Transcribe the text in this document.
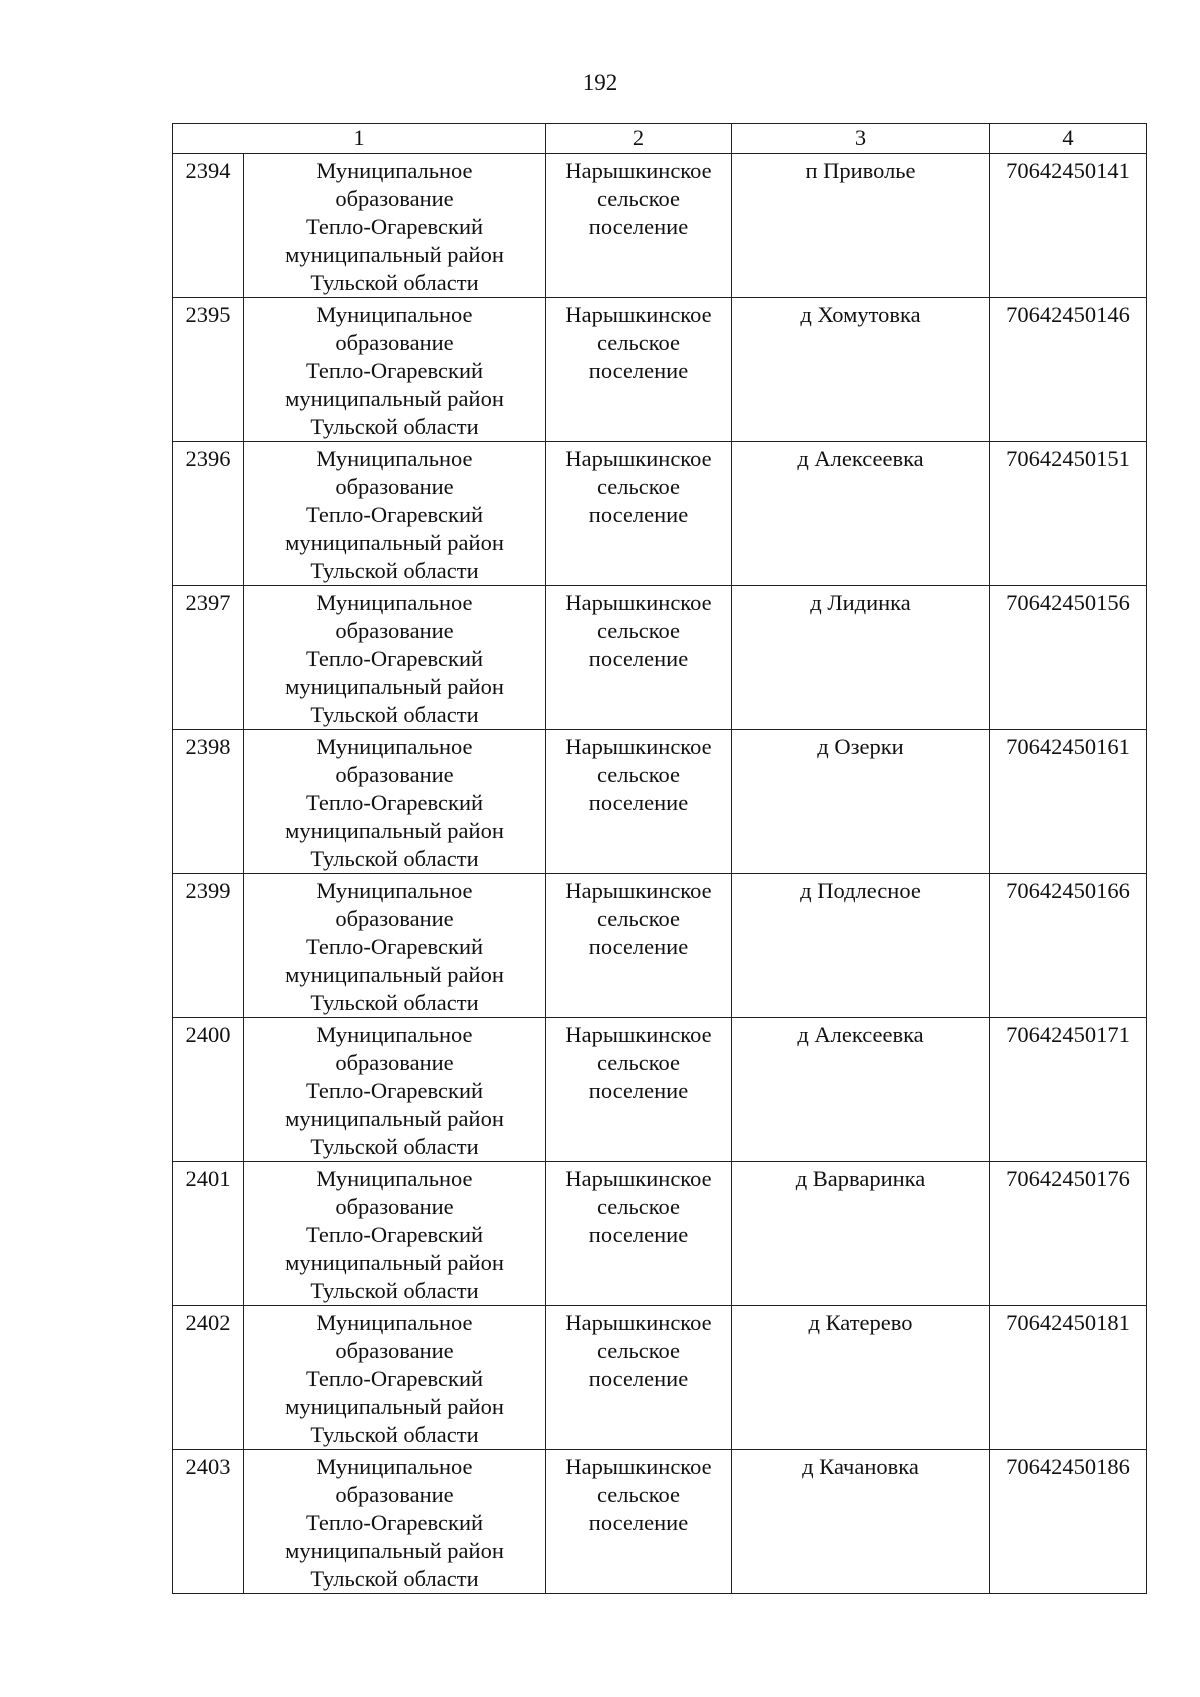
192
1		2	3	4
2394	Муниципальное
образование
Тепло-Огаревский
муниципальный район
Тульской области	Нарышкинское
сельское
поселение	п Приволье	70642450141
2395	Муниципальное
образование
Тепло-Огаревский
муниципальный район
Тульской области	Нарышкинское
сельское
поселение	д Хомутовка	70642450146
2396	Муниципальное
образование
Тепло-Огаревский
муниципальный район
Тульской области	Нарышкинское
сельское
поселение	д Алексеевка	70642450151
2397	Муниципальное
образование
Тепло-Огаревский
муниципальный район
Тульской области	Нарышкинское
сельское
поселение	д Лидинка	70642450156
2398	Муниципальное
образование
Тепло-Огаревский
муниципальный район
Тульской области	Нарышкинское
сельское
поселение	д Озерки	70642450161
2399	Муниципальное
образование
Тепло-Огаревский
муниципальный район
Тульской области	Нарышкинское
сельское
поселение	д Подлесное	70642450166
2400	Муниципальное
образование
Тепло-Огаревский
муниципальный район
Тульской области	Нарышкинское
сельское
поселение	д Алексеевка	70642450171
2401	Муниципальное
образование
Тепло-Огаревский
муниципальный район
Тульской области	Нарышкинское
сельское
поселение	д Варваринка	70642450176
2402	Муниципальное
образование
Тепло-Огаревский
муниципальный район
Тульской области	Нарышкинское
сельское
поселение	д Катерево	70642450181
2403	Муниципальное
образование
Тепло-Огаревский
муниципальный район
Тульской области	Нарышкинское
сельское
поселение	д Качановка	70642450186
